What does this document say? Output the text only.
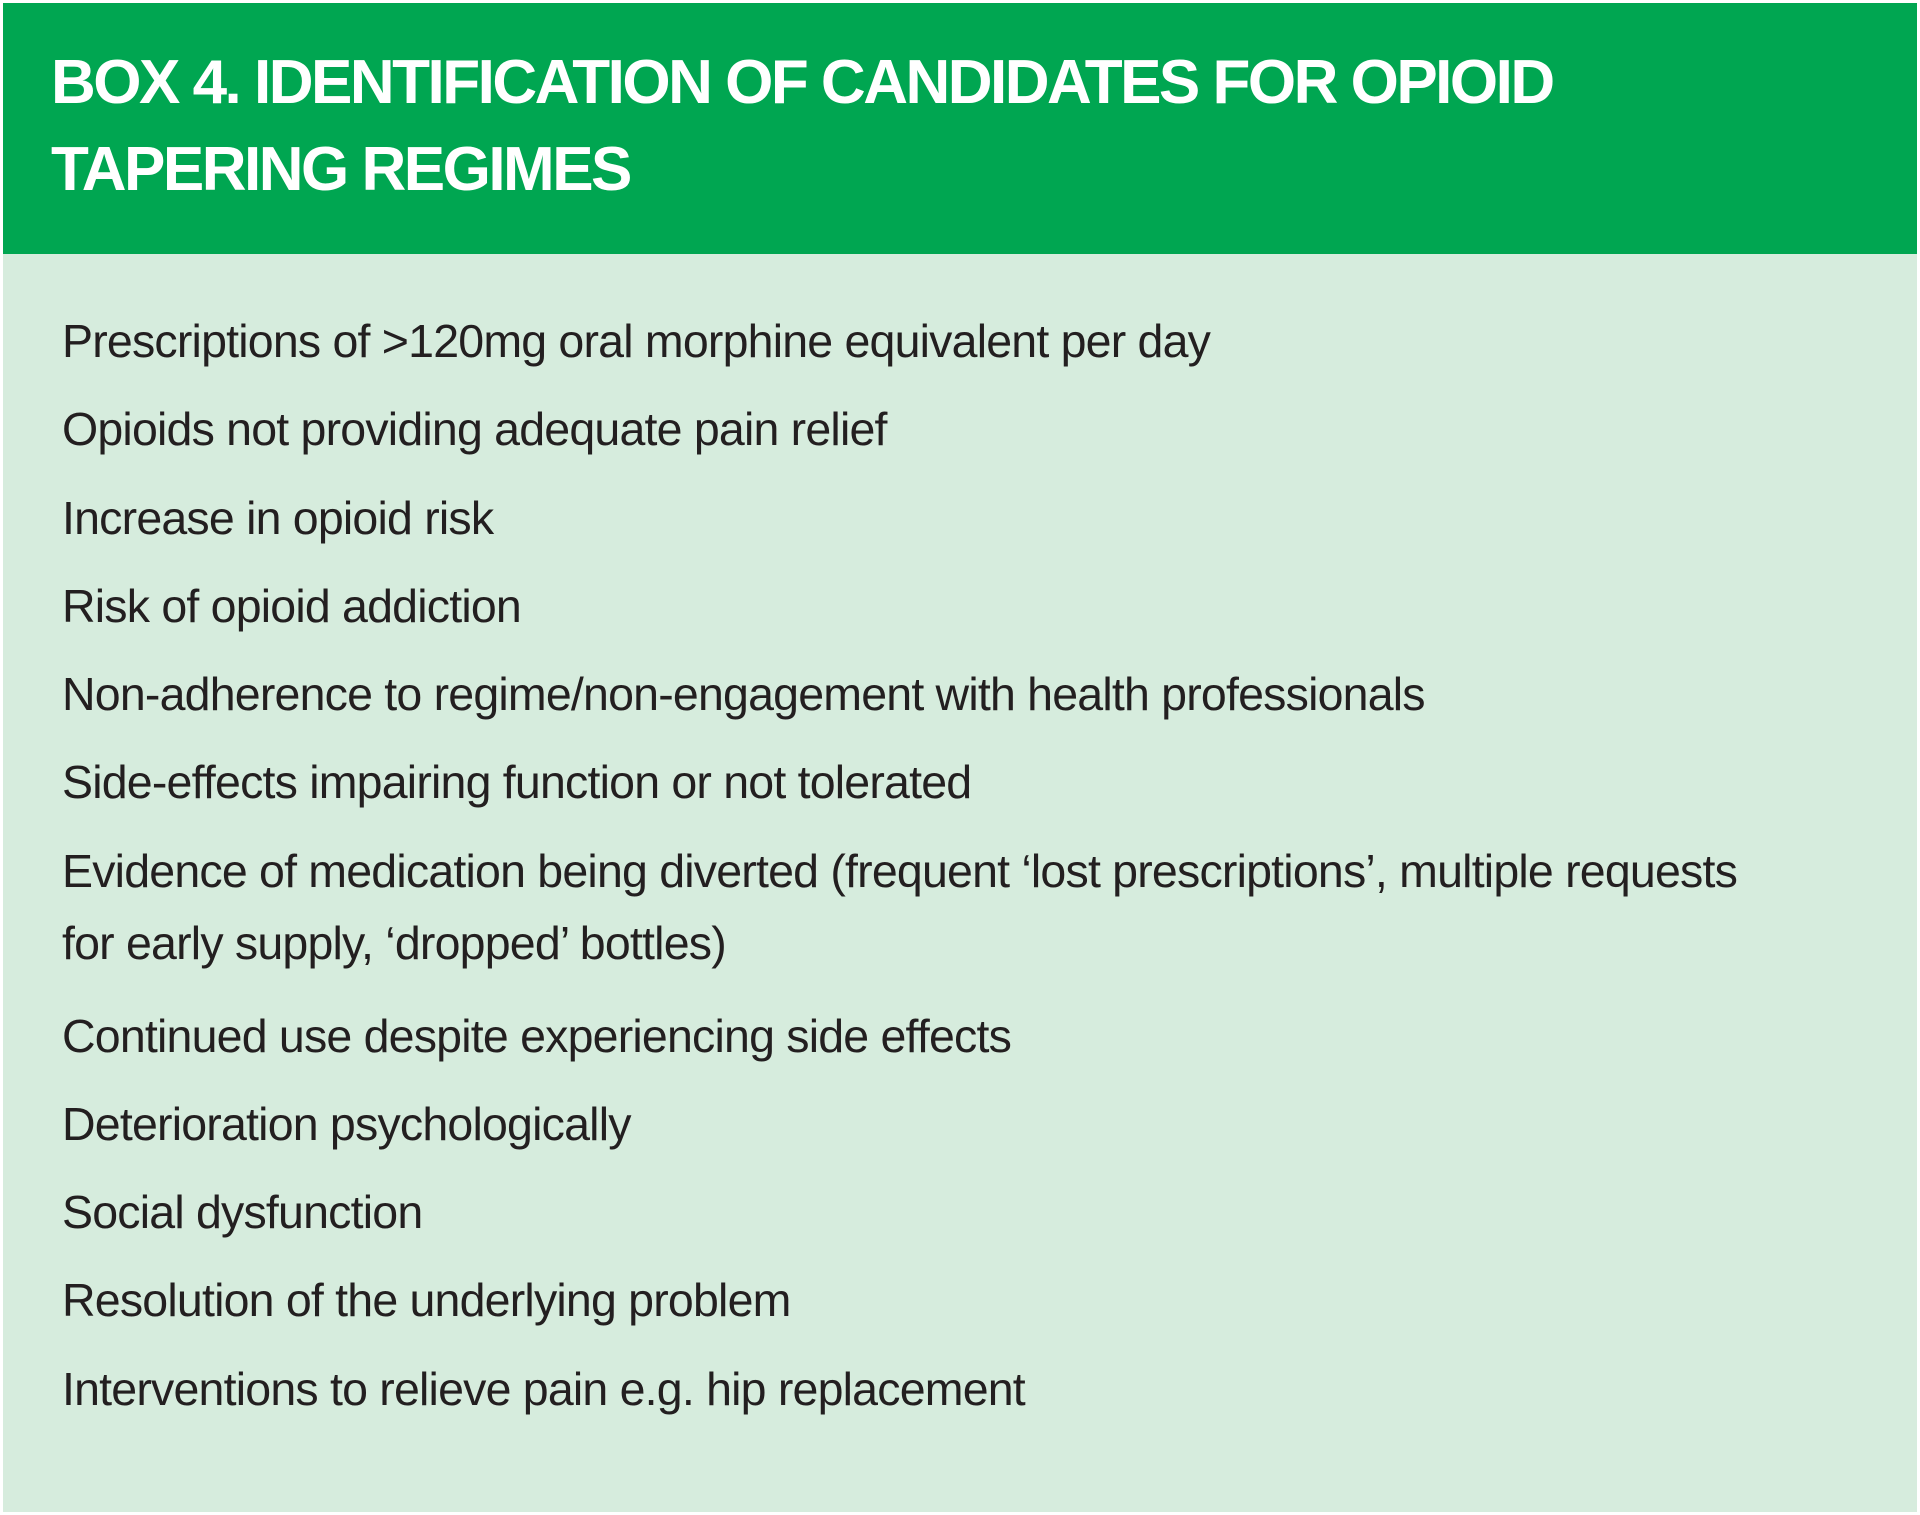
BOX 4. IDENTIFICATION OF CANDIDATES FOR OPIOID TAPERING REGIMES
Prescriptions of >120mg oral morphine equivalent per day
Opioids not providing adequate pain relief
Increase in opioid risk
Risk of opioid addiction
Non-adherence to regime/non-engagement with health professionals
Side-effects impairing function or not tolerated
Evidence of medication being diverted (frequent ‘lost prescriptions’, multiple requests for early supply, ‘dropped’ bottles)
Continued use despite experiencing side effects
Deterioration psychologically
Social dysfunction
Resolution of the underlying problem
Interventions to relieve pain e.g. hip replacement
